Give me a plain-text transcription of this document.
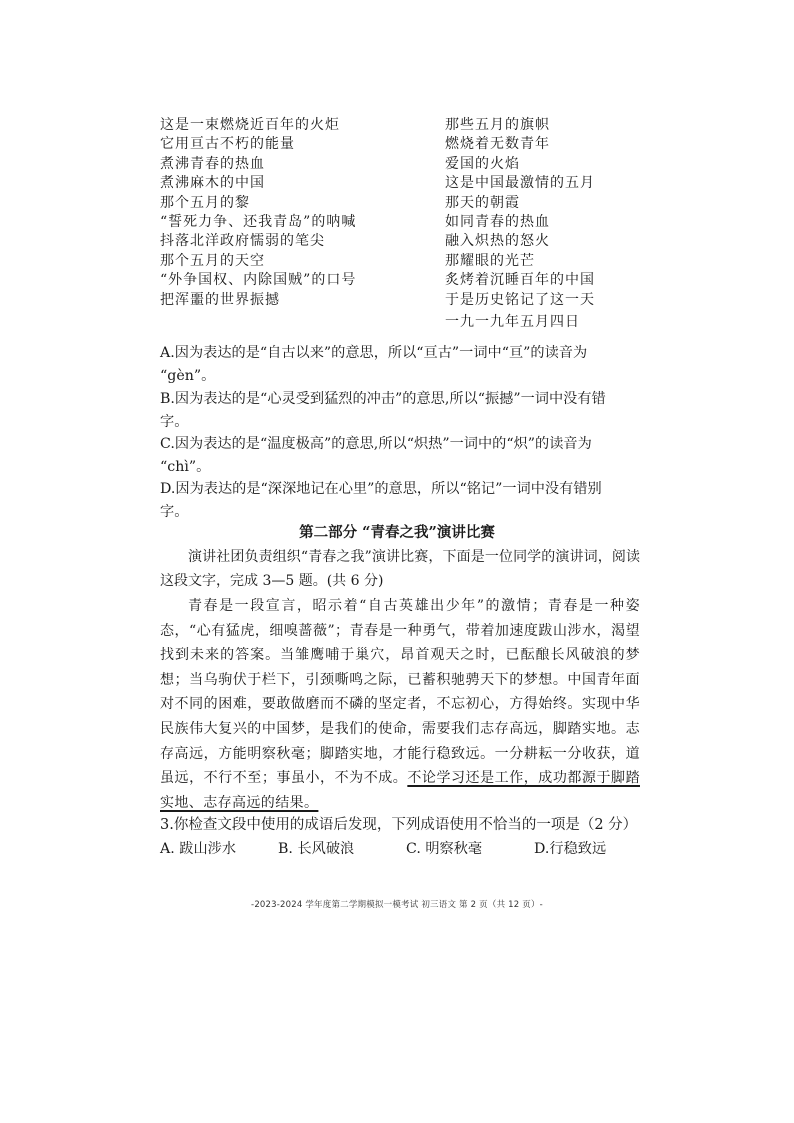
这是一束燃烧近百年的火炬
它用亘古不朽的能量
煮沸青春的热血
煮沸麻木的中国
那个五月的黎
“誓死力争、还我青岛”的呐喊
抖落北洋政府懦弱的笔尖
那个五月的天空
“外争国权、内除国贼”的口号
把浑噩的世界振撼
那些五月的旗帜
燃烧着无数青年
爱国的火焰
这是中国最激情的五月
那天的朝霞
如同青春的热血
融入炽热的怒火
那耀眼的光芒
炙烤着沉睡百年的中国
于是历史铭记了这一天
一九一九年五月四日
A.因为表达的是“自古以来”的意思，所以“亘古”一词中“亘”的读音为
“gèn”。
B.因为表达的是“心灵受到猛烈的冲击”的意思,所以“振撼”一词中没有错
字。
C.因为表达的是“温度极高”的意思,所以“炽热”一词中的“炽”的读音为
“chì”。
D.因为表达的是“深深地记在心里”的意思，所以“铭记”一词中没有错别
字。
第二部分 “青春之我”演讲比赛
演讲社团负责组织“青春之我”演讲比赛，下面是一位同学的演讲词，阅读这段文字，完成 3—5 题。(共 6 分)
青春是一段宣言，昭示着“自古英雄出少年”的激情；青春是一种姿态，“心有猛虎，细嗅蔷薇”；青春是一种勇气，带着加速度跋山涉水，渴望找到未来的答案。当雏鹰哺于巢穴，昂首观天之时，已酝酿长风破浪的梦想；当乌驹伏于栏下，引颈嘶鸣之际，已蓄积驰骋天下的梦想。中国青年面对不同的困难，要敢做磨而不磷的坚定者，不忘初心，方得始终。实现中华民族伟大复兴的中国梦，是我们的使命，需要我们志存高远，脚踏实地。志存高远，方能明察秋毫；脚踏实地，才能行稳致远。一分耕耘一分收获，道虽远，不行不至；事虽小，不为不成。不论学习还是工作，成功都源于脚踏实地、志存高远的结果。
3.你检查文段中使用的成语后发现，下列成语使用不恰当的一项是（2 分）
A. 跋山涉水	B. 长风破浪	C. 明察秋毫	D.行稳致远
-2023-2024 学年度第二学期模拟一模考试 初三语文 第 2 页（共 12 页）-
